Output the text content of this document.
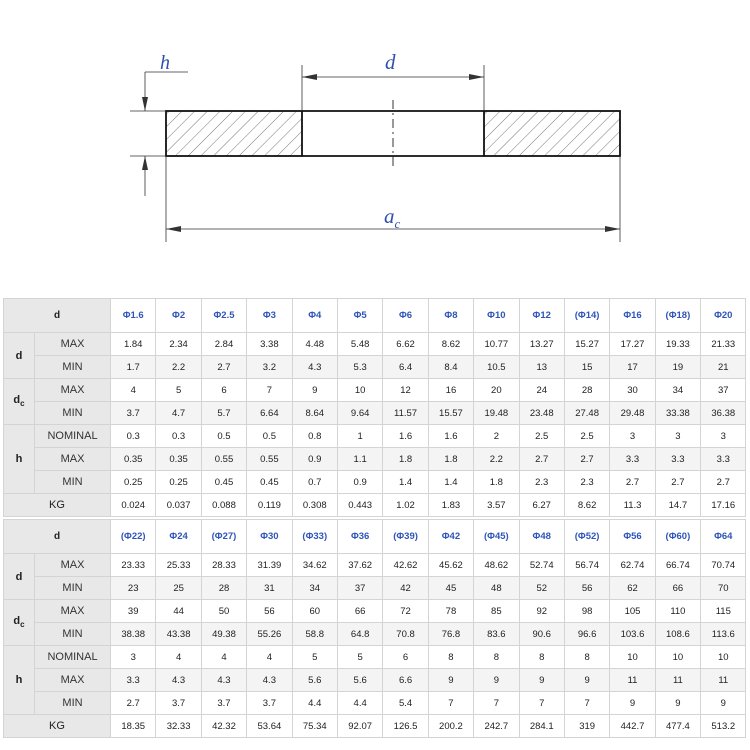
h	d
$a_c$
d		Φ1.6	Φ2	Φ2.5	Φ3	Φ4	Φ5	Φ6	Φ8	Φ10	Φ12	(Φ14)	Φ16	(Φ18)	Φ20
d	MAX	1.84	2.34	2.84	3.38	4.48	5.48	6.62	8.62	10.77	13.27	15.27	17.27	19.33	21.33
	MIN	1.7	2.2	2.7	3.2	4.3	5.3	6.4	8.4	10.5	13	15	17	19	21
$d_c$	MAX	4	5	6	7	9	10	12	16	20	24	28	30	34	37
	MIN	3.7	4.7	5.7	6.64	8.64	9.64	11.57	15.57	19.48	23.48	27.48	29.48	33.38	36.38
h	NOMINAL	0.3	0.3	0.5	0.5	0.8	1	1.6	1.6	2	2.5	2.5	3	3	3
	MAX	0.35	0.35	0.55	0.55	0.9	1.1	1.8	1.8	2.2	2.7	2.7	3.3	3.3	3.3
	MIN	0.25	0.25	0.45	0.45	0.7	0.9	1.4	1.4	1.8	2.3	2.3	2.7	2.7	2.7
KG		0.024	0.037	0.088	0.119	0.308	0.443	1.02	1.83	3.57	6.27	8.62	11.3	14.7	17.16
d		(Φ22)	Φ24	(Φ27)	Φ30	(Φ33)	Φ36	(Φ39)	Φ42	(Φ45)	Φ48	(Φ52)	Φ56	(Φ60)	Φ64
d	MAX	23.33	25.33	28.33	31.39	34.62	37.62	42.62	45.62	48.62	52.74	56.74	62.74	66.74	70.74
	MIN	23	25	28	31	34	37	42	45	48	52	56	62	66	70
$d_c$	MAX	39	44	50	56	60	66	72	78	85	92	98	105	110	115
	MIN	38.38	43.38	49.38	55.26	58.8	64.8	70.8	76.8	83.6	90.6	96.6	103.6	108.6	113.6
h	NOMINAL	3	4	4	4	5	5	6	8	8	8	8	10	10	10
	MAX	3.3	4.3	4.3	4.3	5.6	5.6	6.6	9	9	9	9	11	11	11
	MIN	2.7	3.7	3.7	3.7	4.4	4.4	5.4	7	7	7	7	9	9	9
KG		18.35	32.33	42.32	53.64	75.34	92.07	126.5	200.2	242.7	284.1	319	442.7	477.4	513.2
